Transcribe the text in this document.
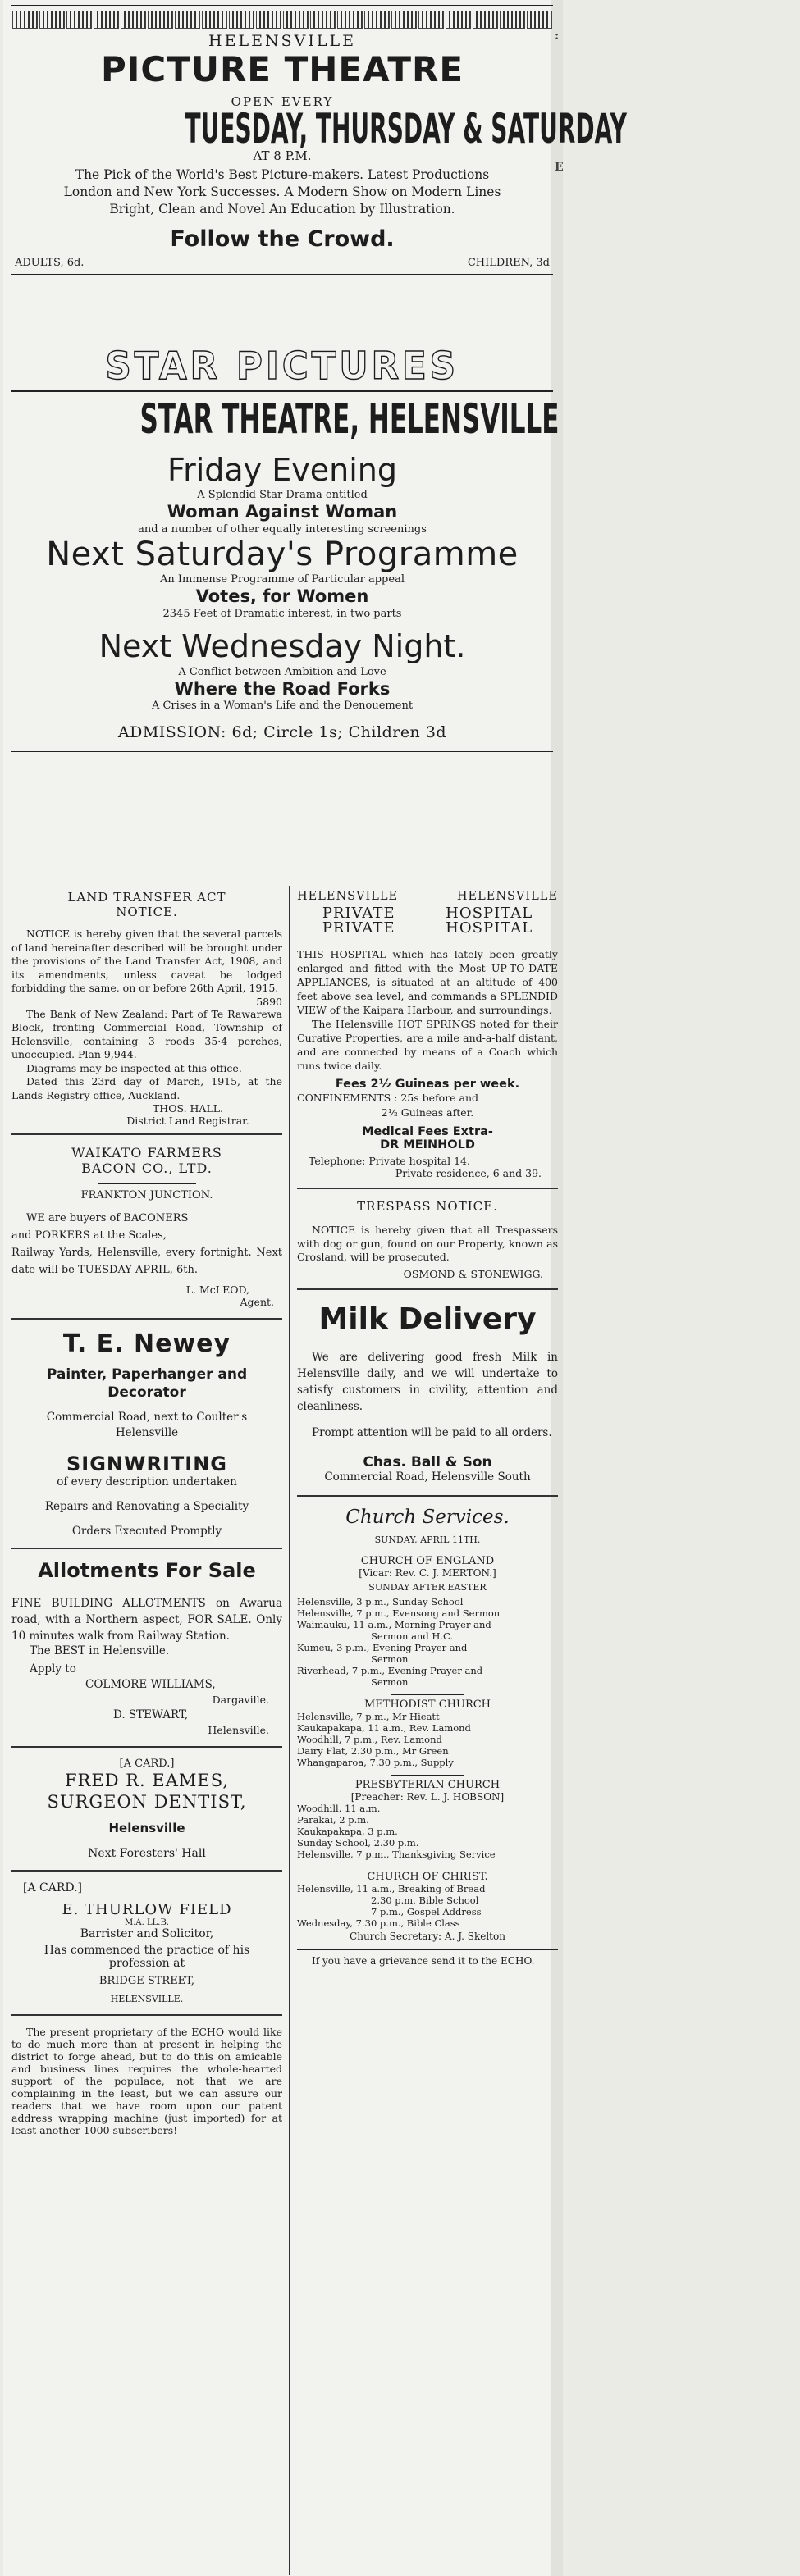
:
E
HELENSVILLE
PICTURE THEATRE
OPEN EVERY
TUESDAY, THURSDAY & SATURDAY
AT 8 P.M.
The Pick of the World's Best Picture-makers. Latest Productions
London and New York Successes. A Modern Show on Modern Lines
Bright, Clean and Novel An Education by Illustration.
Follow the Crowd.
ADULTS, 6d.	CHILDREN, 3d
STAR PICTURES
STAR THEATRE, HELENSVILLE
Friday Evening
A Splendid Star Drama entitled
Woman Against Woman
and a number of other equally interesting screenings
Next Saturday's Programme
An Immense Programme of Particular appeal
Votes, for Women
2345 Feet of Dramatic interest, in two parts
Next Wednesday Night.
A Conflict between Ambition and Love
Where the Road Forks
A Crises in a Woman's Life and the Denouement
ADMISSION: 6d; Circle 1s; Children 3d
LAND TRANSFER ACT
NOTICE.

NOTICE is hereby given that the several parcels of land hereinafter described will be brought under the provisions of the Land Transfer Act, 1908, and its amendments, unless caveat be lodged forbidding the same, on or before 26th April, 1915.

5890

The Bank of New Zealand: Part of Te Rawarewa Block, fronting Commercial Road, Township of Helensville, containing 3 roods 35·4 perches, unoccupied. Plan 9,944.

Diagrams may be inspected at this office.

Dated this 23rd day of March, 1915, at the Lands Registry office, Auckland.

THOS. HALL.

District Land Registrar.

WAIKATO FARMERS
BACON CO., LTD.
FRANKTON JUNCTION.

WE are buyers of BACONERS

and PORKERS at the Scales,

Railway Yards, Helensville, every fortnight. Next date will be TUESDAY APRIL, 6th.

L. McLEOD,

Agent.

T. E. Newey
Painter, Paperhanger and Decorator
Commercial Road, next to Coulter's Helensville
SIGNWRITING
of every description undertaken
Repairs and Renovating a Speciality
Orders Executed Promptly
Allotments For Sale

FINE BUILDING ALLOTMENTS on Awarua road, with a Northern aspect, FOR SALE. Only 10 minutes walk from Railway Station.

The BEST in Helensville.

Apply to

COLMORE WILLIAMS,

Dargaville.

D. STEWART,

Helensville.

[A CARD.]
FRED R. EAMES,
SURGEON DENTIST,
Helensville
Next Foresters' Hall
[A CARD.]
E. THURLOW FIELD
M.A. LL.B.
Barrister and Solicitor,
Has commenced the practice of his
profession at
BRIDGE STREET,
HELENSVILLE.

The present proprietary of the ECHO would like to do much more than at present in helping the district to forge ahead, but to do this on amicable and business lines requires the whole-hearted support of the populace, not that we are complaining in the least, but we can assure our readers that we have room upon our patent address wrapping machine (just imported) for at least another 1000 subscribers!

HELENSVILLE	HELENSVILLE
PRIVATE
PRIVATE
HOSPITAL
HOSPITAL

THIS HOSPITAL which has lately been greatly enlarged and fitted with the Most UP-TO-DATE APPLIANCES, is situated at an altitude of 400 feet above sea level, and commands a SPLENDID VIEW of the Kaipara Harbour, and surroundings.

The Helensville HOT SPRINGS noted for their Curative Properties, are a mile and-a-half distant, and are connected by means of a Coach which runs twice daily.

Fees 2½ Guineas per week.

CONFINEMENTS : 25s before and

2½ Guineas after.

Medical Fees Extra-

DR MEINHOLD

Telephone: Private hospital 14.

Private residence, 6 and 39.

TRESPASS NOTICE.

NOTICE is hereby given that all Trespassers with dog or gun, found on our Property, known as Crosland, will be prosecuted.

OSMOND & STONEWIGG.

Milk Delivery

We are delivering good fresh Milk in Helensville daily, and we will undertake to satisfy customers in civility, attention and cleanliness.

Prompt attention will be paid to all orders.

Chas. Ball & Son

Commercial Road, Helensville South

Church Services.
SUNDAY, APRIL 11TH.
CHURCH OF ENGLAND
[Vicar: Rev. C. J. MERTON.]
SUNDAY AFTER EASTER
Helensville, 3 p.m., Sunday School
Helensville, 7 p.m., Evensong and Sermon
Waimauku, 11 a.m., Morning Prayer and
Sermon and H.C.
Kumeu, 3 p.m., Evening Prayer and
Sermon
Riverhead, 7 p.m., Evening Prayer and
Sermon
METHODIST CHURCH
Helensville, 7 p.m., Mr Hieatt
Kaukapakapa, 11 a.m., Rev. Lamond
Woodhill, 7 p.m., Rev. Lamond
Dairy Flat, 2.30 p.m., Mr Green
Whangaparoa, 7.30 p.m., Supply
PRESBYTERIAN CHURCH
[Preacher: Rev. L. J. HOBSON]
Woodhill, 11 a.m.
Parakai, 2 p.m.
Kaukapakapa, 3 p.m.
Sunday School, 2.30 p.m.
Helensville, 7 p.m., Thanksgiving Service
CHURCH OF CHRIST.
Helensville, 11 a.m., Breaking of Bread
2.30 p.m. Bible School
7 p.m., Gospel Address
Wednesday, 7.30 p.m., Bible Class
Church Secretary: A. J. Skelton

If you have a grievance send it to the ECHO.
